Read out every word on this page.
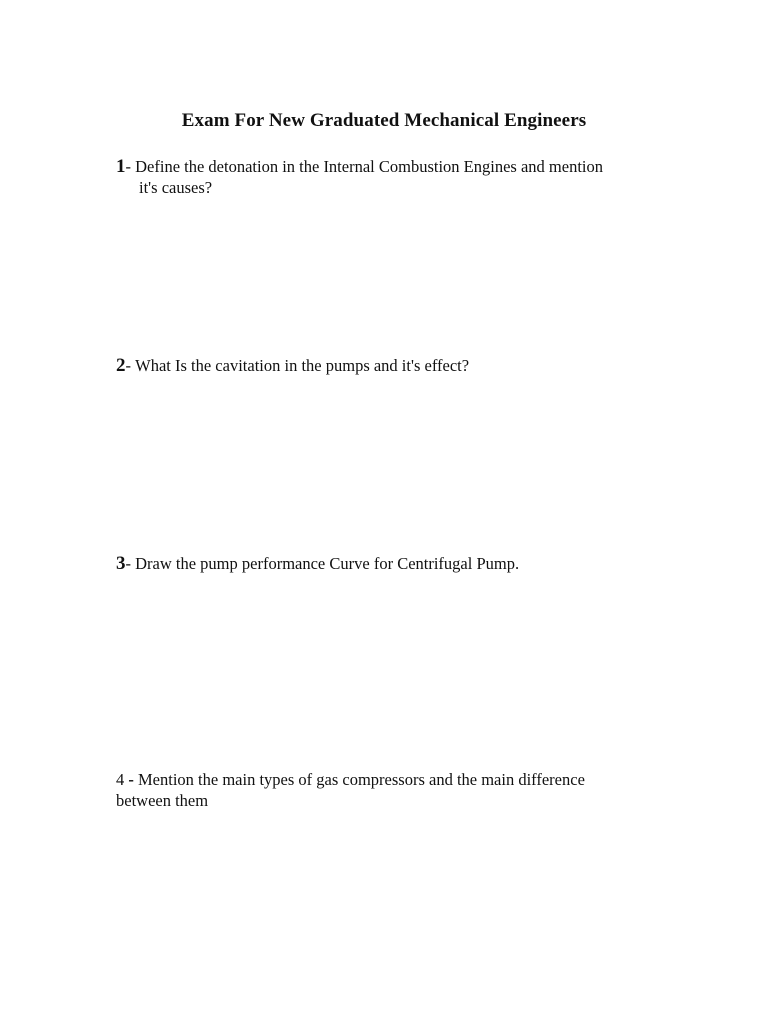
Exam For New Graduated Mechanical Engineers
1 - Define the detonation in the Internal Combustion Engines and mention
it's causes?
2 - What Is the cavitation in the pumps and it's effect?
3 - Draw the pump performance Curve for Centrifugal Pump.
4 - Mention the main types of gas compressors and the main difference
between them
